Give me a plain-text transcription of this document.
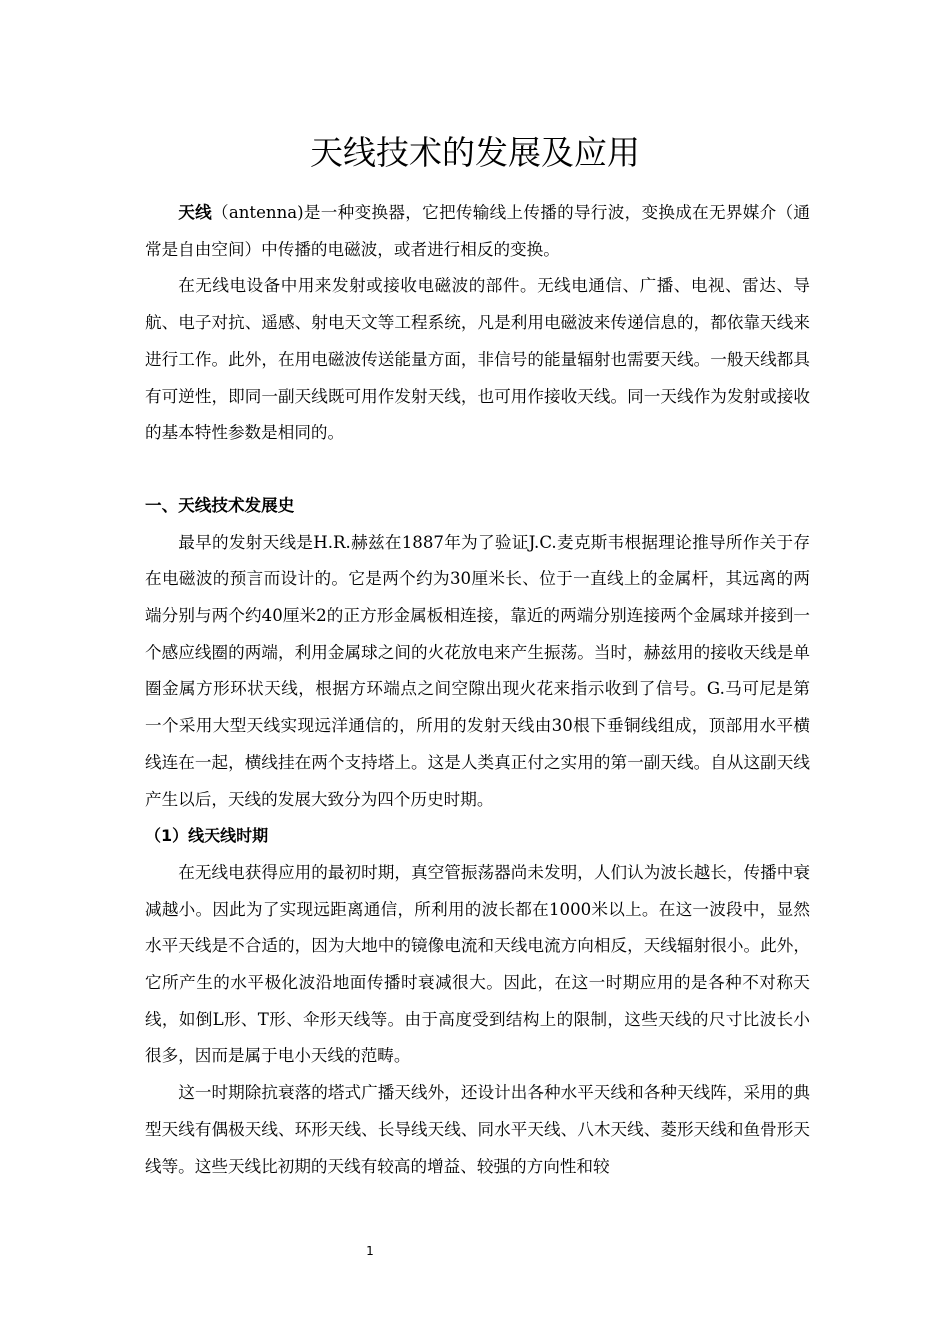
天线技术的发展及应用

天线（antenna)是一种变换器，它把传输线上传播的导行波，变换成在无界媒介（通常是自由空间）中传播的电磁波，或者进行相反的变换。

在无线电设备中用来发射或接收电磁波的部件。无线电通信、广播、电视、雷达、导航、电子对抗、遥感、射电天文等工程系统，凡是利用电磁波来传递信息的，都依靠天线来进行工作。此外，在用电磁波传送能量方面，非信号的能量辐射也需要天线。一般天线都具有可逆性，即同一副天线既可用作发射天线，也可用作接收天线。同一天线作为发射或接收的基本特性参数是相同的。

一、天线技术发展史

最早的发射天线是H.R.赫兹在1887年为了验证J.C.麦克斯韦根据理论推导所作关于存在电磁波的预言而设计的。它是两个约为30厘米长、位于一直线上的金属杆，其远离的两端分别与两个约40厘米2的正方形金属板相连接，靠近的两端分别连接两个金属球并接到一个感应线圈的两端，利用金属球之间的火花放电来产生振荡。当时，赫兹用的接收天线是单圈金属方形环状天线，根据方环端点之间空隙出现火花来指示收到了信号。G.马可尼是第一个采用大型天线实现远洋通信的，所用的发射天线由30根下垂铜线组成，顶部用水平横线连在一起，横线挂在两个支持塔上。这是人类真正付之实用的第一副天线。自从这副天线产生以后，天线的发展大致分为四个历史时期。

（1）线天线时期

在无线电获得应用的最初时期，真空管振荡器尚未发明，人们认为波长越长，传播中衰减越小。因此为了实现远距离通信，所利用的波长都在1000米以上。在这一波段中，显然水平天线是不合适的，因为大地中的镜像电流和天线电流方向相反，天线辐射很小。此外，它所产生的水平极化波沿地面传播时衰减很大。因此，在这一时期应用的是各种不对称天线，如倒L形、T形、伞形天线等。由于高度受到结构上的限制，这些天线的尺寸比波长小很多，因而是属于电小天线的范畴。

这一时期除抗衰落的塔式广播天线外，还设计出各种水平天线和各种天线阵，采用的典型天线有偶极天线、环形天线、长导线天线、同水平天线、八木天线、菱形天线和鱼骨形天线等。这些天线比初期的天线有较高的增益、较强的方向性和较

1
